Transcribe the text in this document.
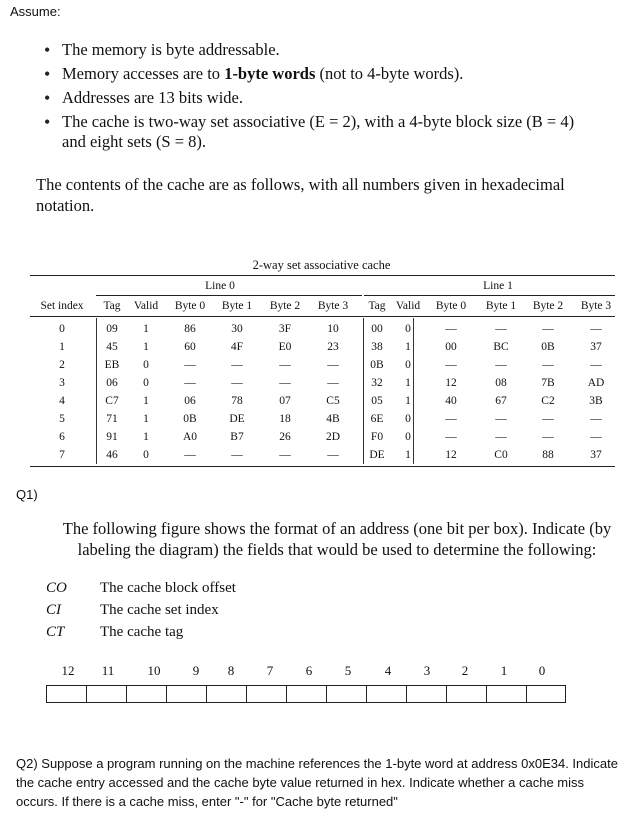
Assume:
• The memory is byte addressable.
• Memory accesses are to 1-byte words (not to 4-byte words).
• Addresses are 13 bits wide.
• The cache is two-way set associative (E = 2), with a 4-byte block size (B = 4)
and eight sets (S = 8).
The contents of the cache are as follows, with all numbers given in hexadecimal notation.
2-way set associative cache
Line 0	Line 1
Set index	Tag	Valid	Byte 0	Byte 1	Byte 2	Byte 3	Tag Valid	Byte 0	Byte 1	Byte 2	Byte 3
0	09	1	86	30	3F	10	00	0	—	—	—	—
1	45	1	60	4F	E0	23	38	1	00	BC	0B	37
2	EB	0	—	—	—	—	0B	0	—	—	—	—
3	06	0	—	—	—	—	32	1	12	08	7B	AD
4	C7	1	06	78	07	C5	05	1	40	67	C2	3B
5	71	1	0B	DE	18	4B	6E	0	—	—	—	—
6	91	1	A0	B7	26	2D	F0	0	—	—	—	—
7	46	0	—	—	—	—	DE	1	12	C0	88	37
Q1)
The following figure shows the format of an address (one bit per box). Indicate (by labeling the diagram) the fields that would be used to determine the following:
CO The cache block offset
CI	The cache set index
CT The cache tag
12	11	10	9	8	7	6	5	4	3	2	1	0
Q2) Suppose a program running on the machine references the 1-byte word at address 0x0E34. Indicate the cache entry accessed and the cache byte value returned in hex. Indicate whether a cache miss occurs. If there is a cache miss, enter "-" for "Cache byte returned"
